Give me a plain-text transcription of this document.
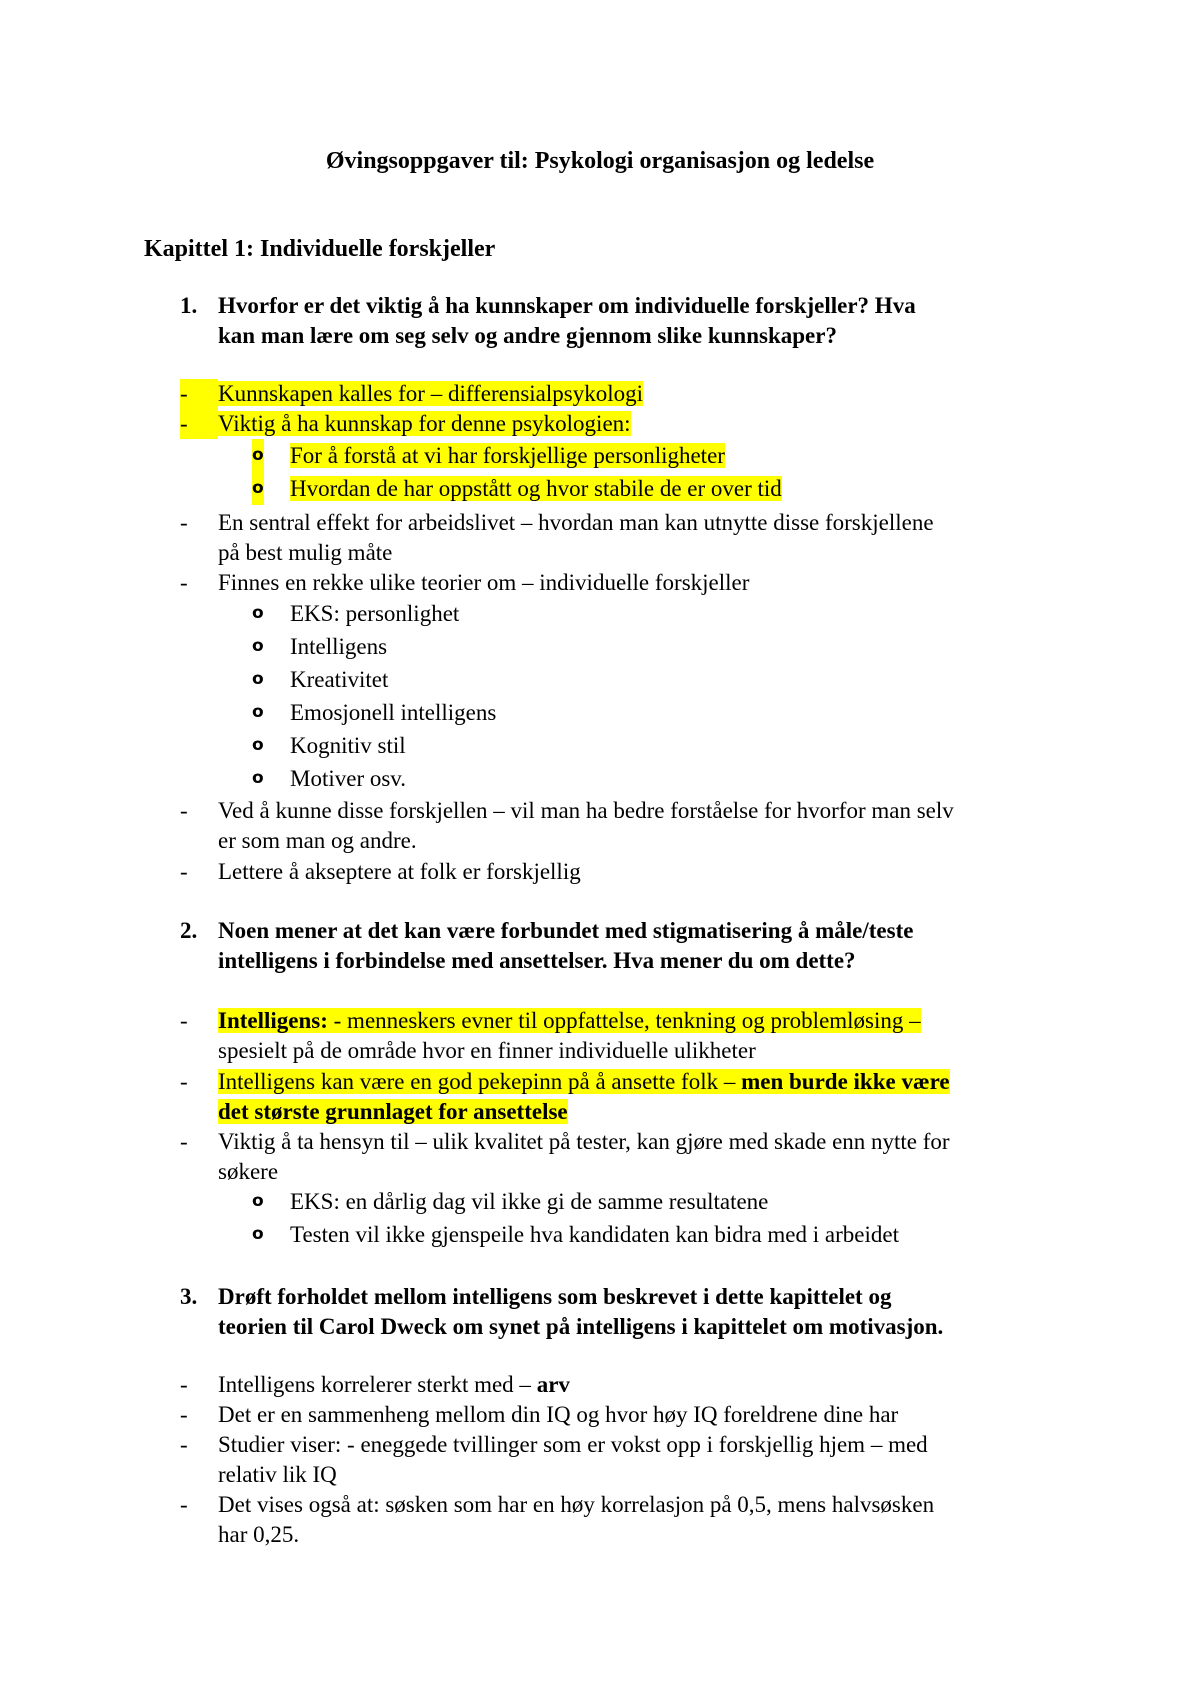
Øvingsoppgaver til: Psykologi organisasjon og ledelse
Kapittel 1: Individuelle forskjeller
1. Hvorfor er det viktig å ha kunnskaper om individuelle forskjeller? Hva
kan man lære om seg selv og andre gjennom slike kunnskaper?
-	Kunnskapen kalles for – differensialpsykologi
-	Viktig å ha kunnskap for denne psykologien:
o For å forstå at vi har forskjellige personligheter
o Hvordan de har oppstått og hvor stabile de er over tid
-	En sentral effekt for arbeidslivet – hvordan man kan utnytte disse forskjellene
på best mulig måte
-	Finnes en rekke ulike teorier om – individuelle forskjeller
o EKS: personlighet
o Intelligens
o Kreativitet
o Emosjonell intelligens
o Kognitiv stil
o Motiver osv.
-	Ved å kunne disse forskjellen – vil man ha bedre forståelse for hvorfor man selv
er som man og andre.
-	Lettere å akseptere at folk er forskjellig
2. Noen mener at det kan være forbundet med stigmatisering å måle/teste
intelligens i forbindelse med ansettelser. Hva mener du om dette?
-	Intelligens: - menneskers evner til oppfattelse, tenkning og problemløsing –
spesielt på de område hvor en finner individuelle ulikheter
-	Intelligens kan være en god pekepinn på å ansette folk – men burde ikke være
det største grunnlaget for ansettelse
-	Viktig å ta hensyn til – ulik kvalitet på tester, kan gjøre med skade enn nytte for
søkere
o EKS: en dårlig dag vil ikke gi de samme resultatene
o Testen vil ikke gjenspeile hva kandidaten kan bidra med i arbeidet
3. Drøft forholdet mellom intelligens som beskrevet i dette kapittelet og
teorien til Carol Dweck om synet på intelligens i kapittelet om motivasjon.
-	Intelligens korrelerer sterkt med – arv
-	Det er en sammenheng mellom din IQ og hvor høy IQ foreldrene dine har
-	Studier viser: - eneggede tvillinger som er vokst opp i forskjellig hjem – med
relativ lik IQ
-	Det vises også at: søsken som har en høy korrelasjon på 0,5, mens halvsøsken
har 0,25.
